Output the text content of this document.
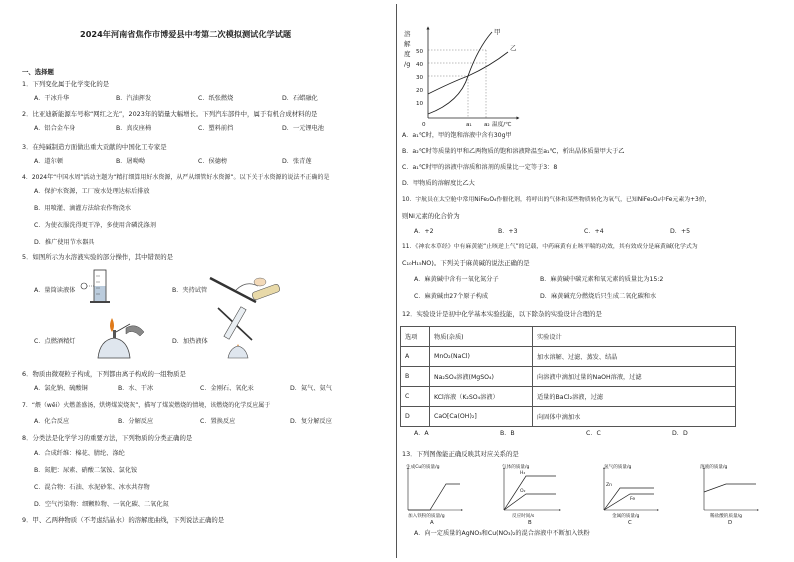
2024年河南省焦作市博爱县中考第二次模拟测试化学试题
一、选择题
1．下列变化属于化学变化的是
A．干冰升华	B．汽油挥发	C．纸张燃烧	D．石蜡融化
2．比亚迪新能源车号称“网红之光”，2023年的销量大幅增长。下列汽车部件中，属于有机合成材料的是
A．铝合金车身	B．真皮座椅	C．塑料前挡	D．一元锂电池
3．在纯碱制造方面做出重大贡献的中国化工专家是
A．道尔顿	B．屠呦呦	C．侯德榜	D．张青莲
4．2024年“中国水周”活动主题为“精打细算用好水资源，从严从细管好水资源”。以下关于水资源的说法不正确的是
A．保护水资源，工厂废水处理达标后排放
B．用喷灌、滴灌方法给农作物浇水
C．为使衣服洗得更干净，多使用含磷洗涤剂
D．推广使用节水器具
5．如图所示为水溶液实验的部分操作，其中错误的是
A．量筒读液体	B．夹持试管
C．点燃酒精灯	D．加热液体
6．物质由微观粒子构成，下列都由离子构成的一组物质是
A．氯化钠、硫酸铜	B．水、干冰	C．金刚石、氧化汞	D．氦气、氨气
7．“煨（wēi）火燃盖盛汤，烘烤煤炭烧灰”，描写了煤炭燃烧的情境，该燃烧的化学反应属于
A．化合反应	B．分解反应	C．置换反应	D．复分解反应
8．分类法是化学学习的重要方法，下列物质的分类正确的是
A．合成纤维：棉花、腈纶、涤纶
B．氮肥：尿素、硝酸二氢铵、氯化铵
C．混合物：石油、水泥砂浆、冰水共存物
D．空气污染物：细颗粒物、一氧化碳、二氧化氮
9．甲、乙两种物质（不考虑结晶水）的溶解度曲线，下列说法正确的是
溶
解
度
/g
50
40
30
20
10
0	a₁ a₂ 温度/℃
甲
乙
A．a₁℃时，甲的饱和溶液中含有30g甲
B．a₂℃时等质量的甲和乙两物质的饱和溶液降温至a₁℃，析出晶体质量甲大于乙
C．a₁℃时甲的溶液中溶质和溶剂的质量比一定等于3：8
D．甲物质的溶解度比乙大
10．宇航员在太空舱中常用NiFe₂O₄作催化剂，将呼出的气体和某些物质转化为氧气，已知NiFe₂O₄中Fe元素为+3价，
则Ni元素的化合价为
A．+2	B．+3	C．+4	D．+5
11．《神农本草经》中有麻黄能“止咳逆上气”的记载，中药麻黄有止咳平喘的功效，其有效成分是麻黄碱(化学式为
C₁₀H₁₅NO)。下列关于麻黄碱的说法正确的是
A．麻黄碱中含有一氧化氮分子	B．麻黄碱中碳元素和氧元素的质量比为15:2
C．麻黄碱由27个原子构成	D．麻黄碱充分燃烧后只生成二氧化碳和水
12．实验设计是初中化学基本实验技能，以下除杂的实验设计合理的是
选项	物质(杂质)	实验设计
A	MnO₂(NaCl)	加水溶解、过滤、蒸发、结晶
B	Na₂SO₄溶液(MgSO₄)	向溶液中滴加过量的NaOH溶液，过滤
C	KCl溶液（K₂SO₄溶液）	适量的BaCl₂溶液，过滤
D	CaO[Ca(OH)₂]	向固体中滴加水
A．A	B．B	C．C	D．D
13．下列图像能正确反映其对应关系的是
生成Cu的质量/g
加入铁粉的质量/g
A
H₂
O₂
气体的质量/g
反应时间/s
B
Zn
Fe
氢气的质量/g
金属的质量/g
C
溶液的质量/g
稀盐酸的质量/g
D
A．向一定质量的AgNO₃和Cu(NO₃)₂的混合溶液中不断加入铁粉
